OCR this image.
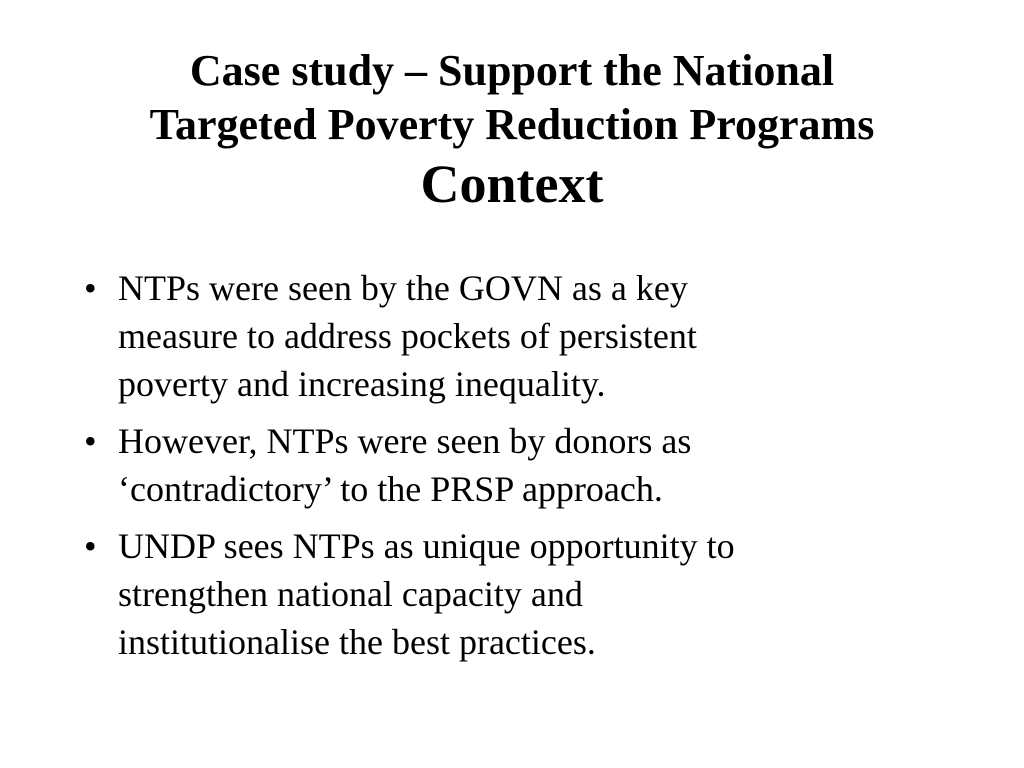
Case study – Support the National
Targeted Poverty Reduction Programs
Context
• NTPs were seen by the GOVN as a key
measure to address pockets of persistent
poverty and increasing inequality.
• However, NTPs were seen by donors as
‘contradictory’ to the PRSP approach.
• UNDP sees NTPs as unique opportunity to
strengthen national capacity and
institutionalise the best practices.
